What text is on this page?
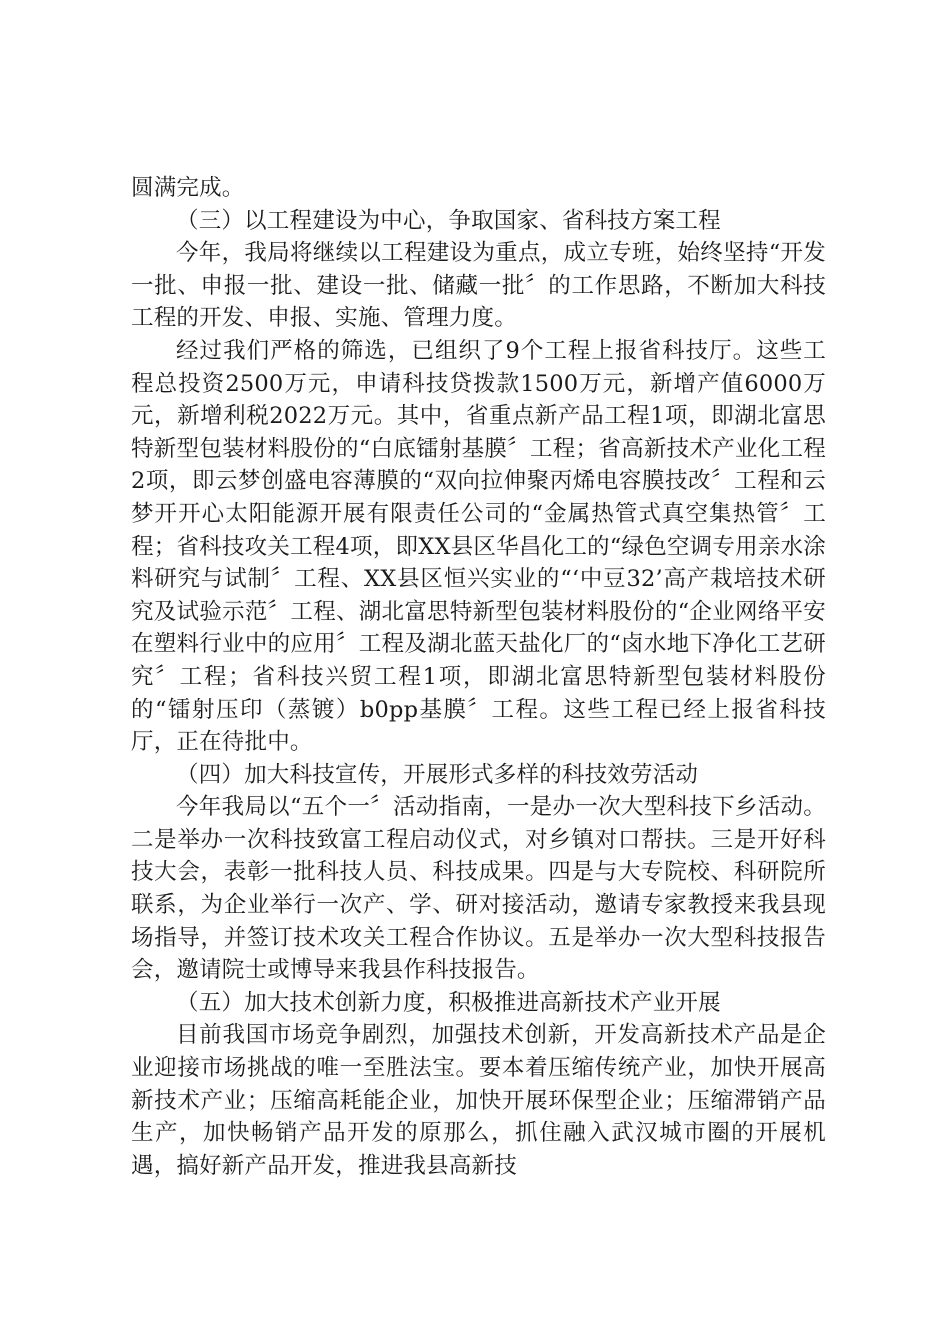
圆满完成。

（三）以工程建设为中心，争取国家、省科技方案工程

今年，我局将继续以工程建设为重点，成立专班，始终坚持“开发一批、申报一批、建设一批、储藏一批〞的工作思路，不断加大科技工程的开发、申报、实施、管理力度。

经过我们严格的筛选，已组织了9个工程上报省科技厅。这些工程总投资2500万元，申请科技贷拨款1500万元，新增产值6000万元，新增利税2022万元。其中，省重点新产品工程1项，即湖北富思特新型包装材料股份的“白底镭射基膜〞工程；省高新技术产业化工程2项，即云梦创盛电容薄膜的“双向拉伸聚丙烯电容膜技改〞工程和云梦开开心太阳能源开展有限责任公司的“金属热管式真空集热管〞工程；省科技攻关工程4项，即XX县区华昌化工的“绿色空调专用亲水涂料研究与试制〞工程、XX县区恒兴实业的“‘中豆32’高产栽培技术研究及试验示范〞工程、湖北富思特新型包装材料股份的“企业网络平安在塑料行业中的应用〞工程及湖北蓝天盐化厂的“卤水地下净化工艺研究〞工程；省科技兴贸工程1项，即湖北富思特新型包装材料股份的“镭射压印（蒸镀）b0pp基膜〞工程。这些工程已经上报省科技厅，正在待批中。

（四）加大科技宣传，开展形式多样的科技效劳活动

今年我局以“五个一〞活动指南，一是办一次大型科技下乡活动。二是举办一次科技致富工程启动仪式，对乡镇对口帮扶。三是开好科技大会，表彰一批科技人员、科技成果。四是与大专院校、科研院所联系，为企业举行一次产、学、研对接活动，邀请专家教授来我县现场指导，并签订技术攻关工程合作协议。五是举办一次大型科技报告会，邀请院士或博导来我县作科技报告。

（五）加大技术创新力度，积极推进高新技术产业开展

目前我国市场竞争剧烈，加强技术创新，开发高新技术产品是企业迎接市场挑战的唯一至胜法宝。要本着压缩传统产业，加快开展高新技术产业；压缩高耗能企业，加快开展环保型企业；压缩滞销产品生产，加快畅销产品开发的原那么，抓住融入武汉城市圈的开展机遇，搞好新产品开发，推进我县高新技
